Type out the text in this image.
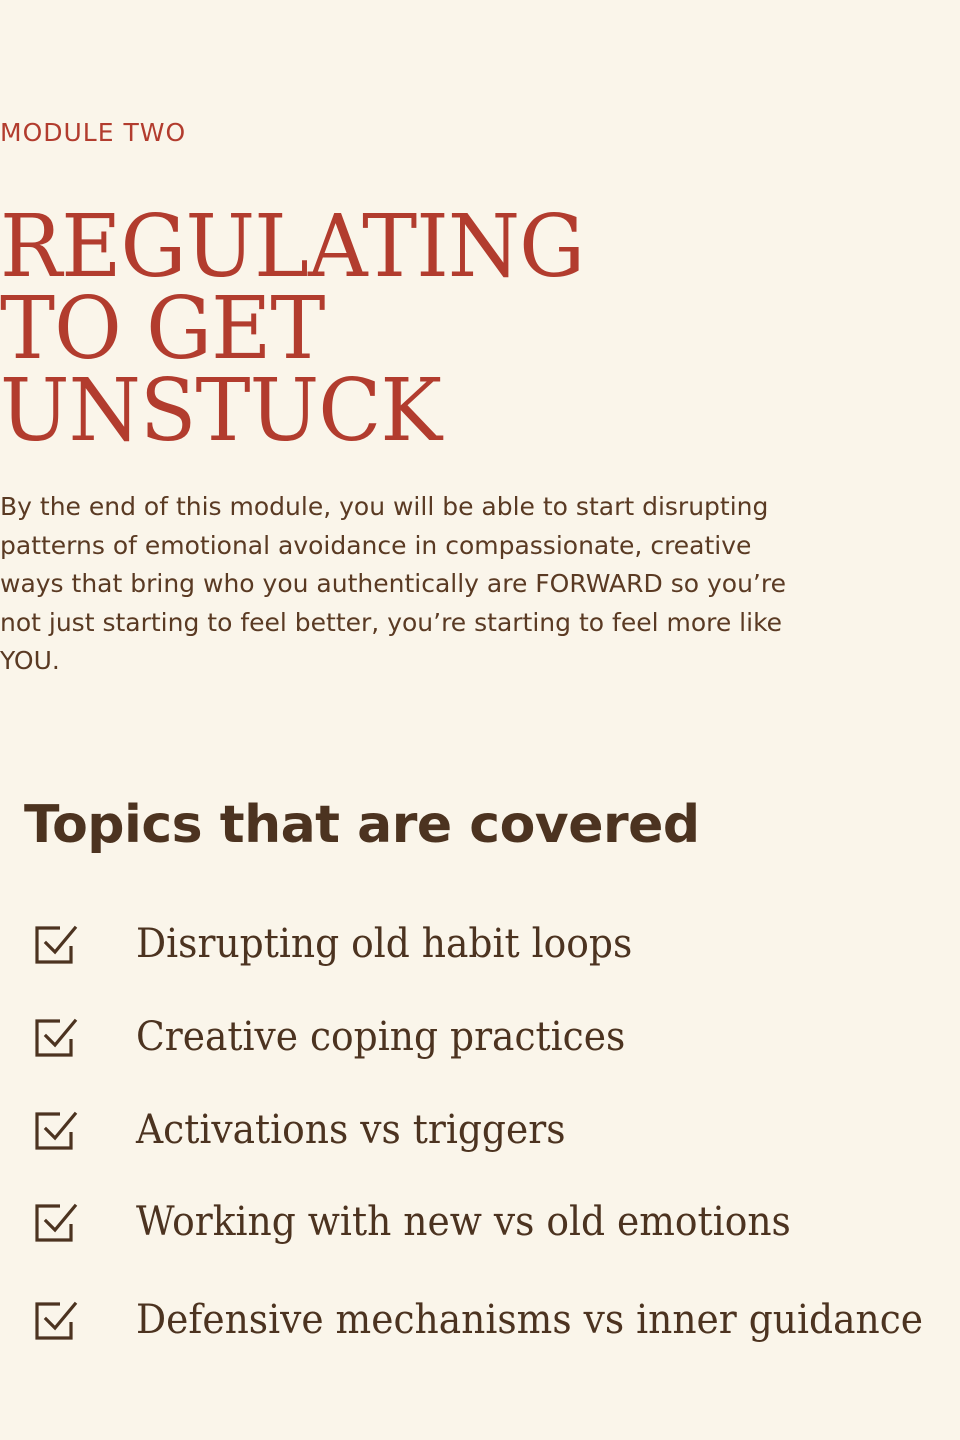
MODULE TWO
REGULATING
TO GET
UNSTUCK

By the end of this module, you will be able to start disrupting patterns of emotional avoidance in compassionate, creative ways that bring who you authentically are FORWARD so you’re not just starting to feel better, you’re starting to feel more like YOU.

Topics that are covered
Disrupting old habit loops
Creative coping practices
Activations vs triggers
Working with new vs old emotions
Defensive mechanisms vs inner guidance
